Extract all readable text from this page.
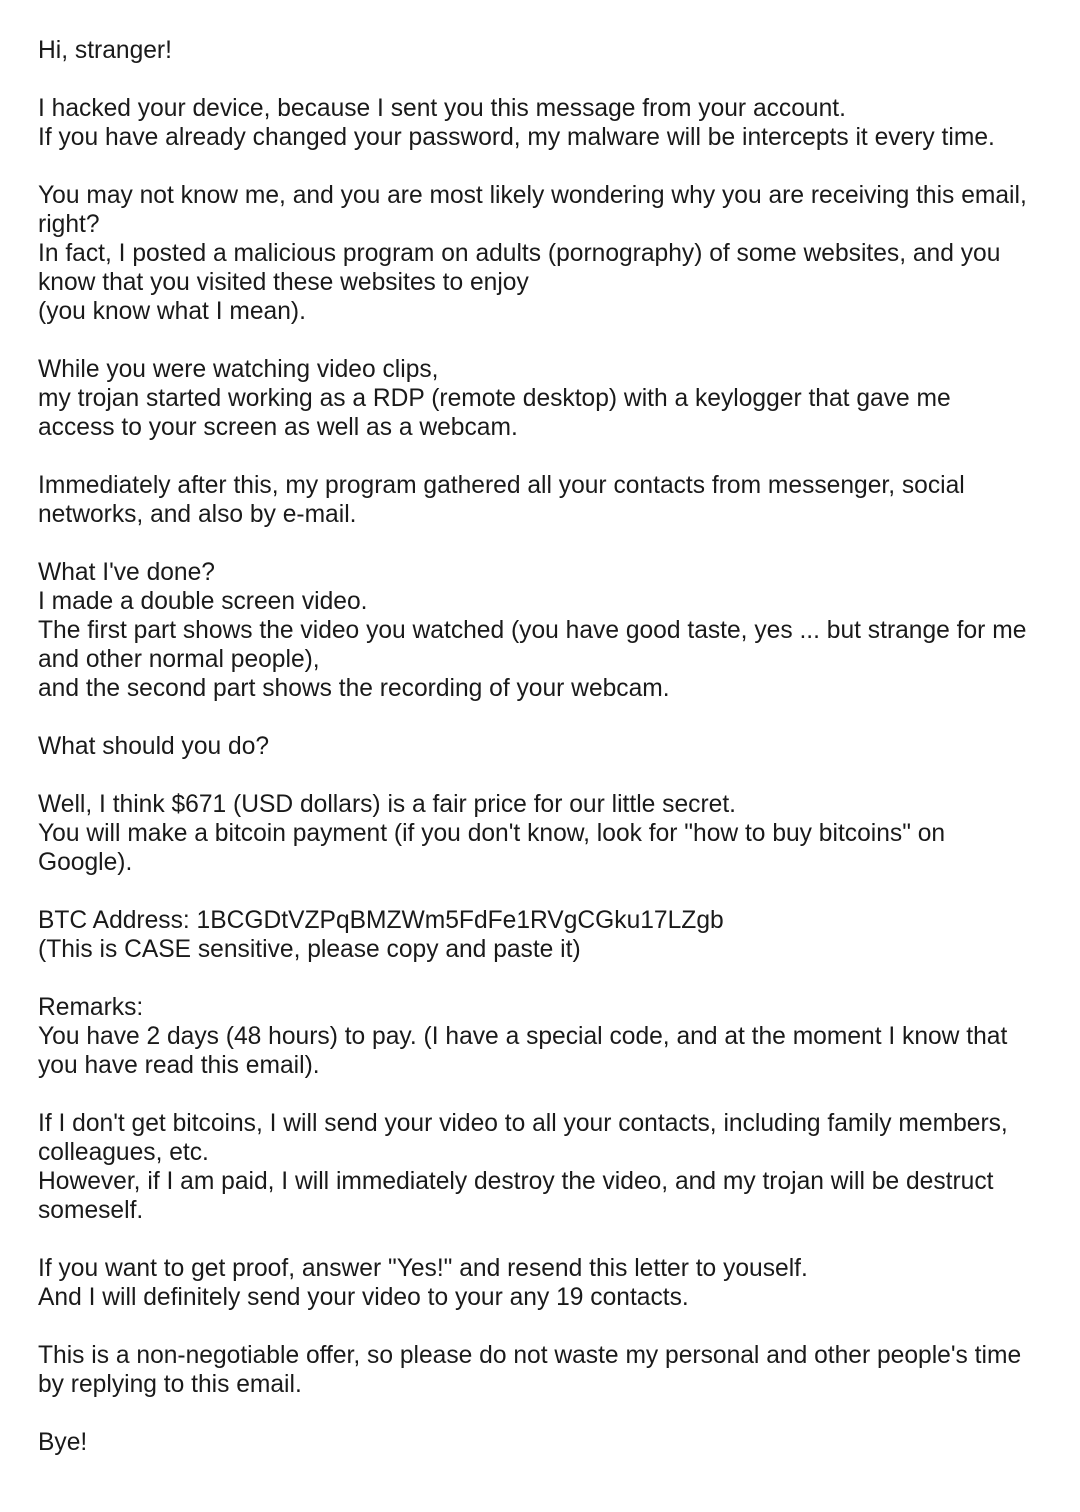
Hi, stranger!
I hacked your device, because I sent you this message from your account.
If you have already changed your password, my malware will be intercepts it every time.
You may not know me, and you are most likely wondering why you are receiving this email,
right?
In fact, I posted a malicious program on adults (pornography) of some websites, and you
know that you visited these websites to enjoy
(you know what I mean).
While you were watching video clips,
my trojan started working as a RDP (remote desktop) with a keylogger that gave me
access to your screen as well as a webcam.
Immediately after this, my program gathered all your contacts from messenger, social
networks, and also by e-mail.
What I've done?
I made a double screen video.
The first part shows the video you watched (you have good taste, yes ... but strange for me
and other normal people),
and the second part shows the recording of your webcam.
What should you do?
Well, I think $671 (USD dollars) is a fair price for our little secret.
You will make a bitcoin payment (if you don't know, look for "how to buy bitcoins" on
Google).
BTC Address: 1BCGDtVZPqBMZWm5FdFe1RVgCGku17LZgb
(This is CASE sensitive, please copy and paste it)
Remarks:
You have 2 days (48 hours) to pay. (I have a special code, and at the moment I know that
you have read this email).
If I don't get bitcoins, I will send your video to all your contacts, including family members,
colleagues, etc.
However, if I am paid, I will immediately destroy the video, and my trojan will be destruct
someself.
If you want to get proof, answer "Yes!" and resend this letter to youself.
And I will definitely send your video to your any 19 contacts.
This is a non-negotiable offer, so please do not waste my personal and other people's time
by replying to this email.
Bye!
